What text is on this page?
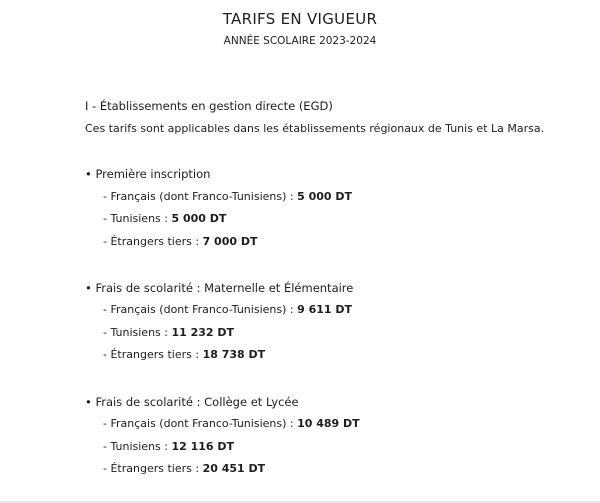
TARIFS EN VIGUEUR
ANNÉE SCOLAIRE 2023-2024
I - Établissements en gestion directe (EGD)
Ces tarifs sont applicables dans les établissements régionaux de Tunis et La Marsa.
• Première inscription
- Français (dont Franco-Tunisiens) : 5 000 DT
- Tunisiens : 5 000 DT
- Étrangers tiers : 7 000 DT
• Frais de scolarité : Maternelle et Élémentaire
- Français (dont Franco-Tunisiens) : 9 611 DT
- Tunisiens : 11 232 DT
- Étrangers tiers : 18 738 DT
• Frais de scolarité : Collège et Lycée
- Français (dont Franco-Tunisiens) : 10 489 DT
- Tunisiens : 12 116 DT
- Étrangers tiers : 20 451 DT
